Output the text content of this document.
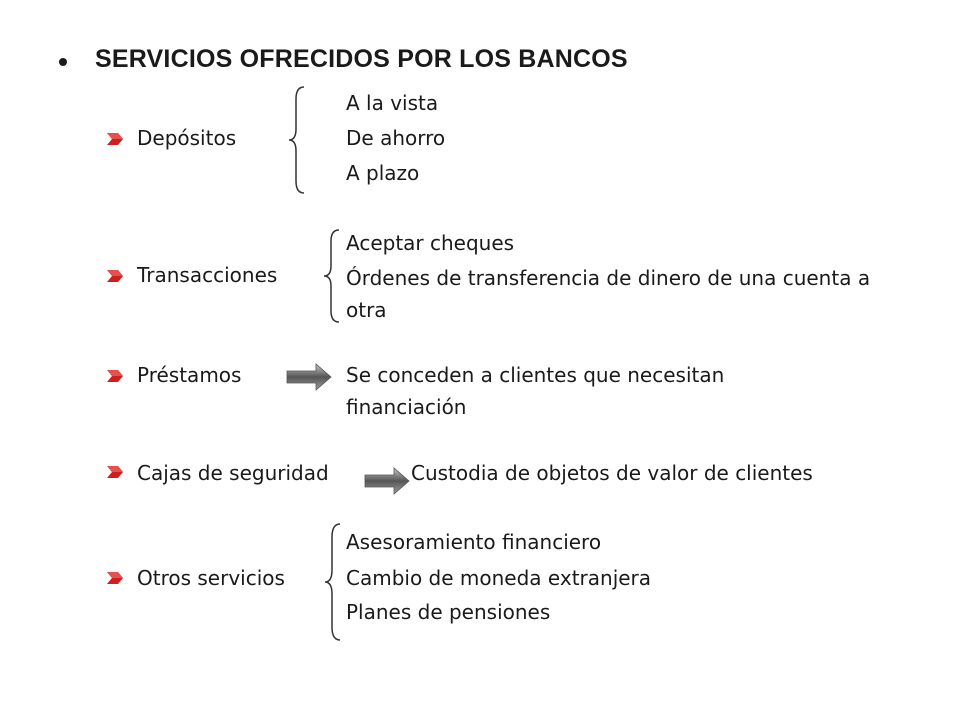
SERVICIOS OFRECIDOS POR LOS BANCOS
Depósitos
A la vista
De ahorro
A plazo
Transacciones
Aceptar cheques
Órdenes de transferencia de dinero de una cuenta a otra
Préstamos	Se conceden a clientes que necesitan financiación
Cajas de seguridad	Custodia de objetos de valor de clientes
Otros servicios
Asesoramiento financiero
Cambio de moneda extranjera
Planes de pensiones
